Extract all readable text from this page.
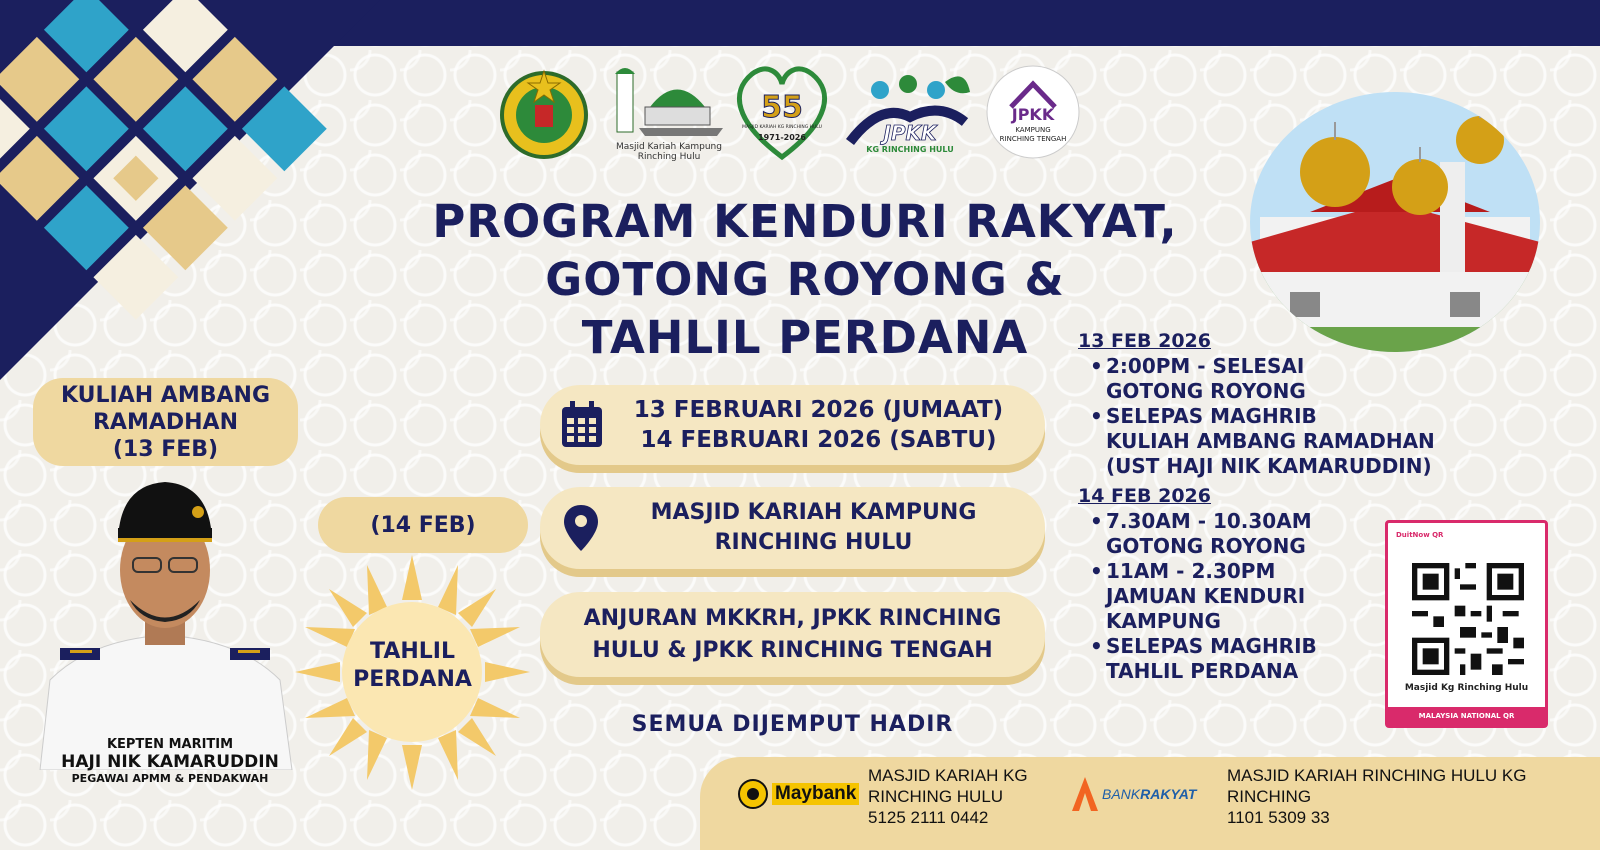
Masjid Kariah Kampung Rinching Hulu
55
MASJID KARIAH KG RINCHING HULU
1971-2026	JPKK
KG RINCHING HULU
JPKK
KAMPUNG
RINCHING TENGAH
PROGRAM KENDURI RAKYAT,
GOTONG ROYONG &
TAHLIL PERDANA
KULIAH AMBANG
RAMADHAN
(13 FEB)
(14 FEB)
TAHLIL
PERDANA
KEPTEN MARITIM
HAJI NIK KAMARUDDIN
PEGAWAI APMM & PENDAKWAH
13 FEBRUARI 2026 (JUMAAT)
14 FEBRUARI 2026 (SABTU)
MASJID KARIAH KAMPUNG
RINCHING HULU
ANJURAN MKKRH, JPKK RINCHING
HULU & JPKK RINCHING TENGAH
SEMUA DIJEMPUT HADIR
13 FEB 2026
• 2:00PM - SELESAI
GOTONG ROYONG
• SELEPAS MAGHRIB
KULIAH AMBANG RAMADHAN
(UST HAJI NIK KAMARUDDIN)
14 FEB 2026
• 7.30AM - 10.30AM
GOTONG ROYONG
• 11AM - 2.30PM
JAMUAN KENDURI
KAMPUNG
• SELEPAS MAGHRIB
TAHLIL PERDANA
DuitNow QR
Masjid Kg Rinching Hulu
MALAYSIA NATIONAL QR
Maybank
MASJID KARIAH KG
RINCHING HULU
5125 2111 0442
BANKRAKYAT
MASJID KARIAH RINCHING HULU KG
RINCHING
1101 5309 33
